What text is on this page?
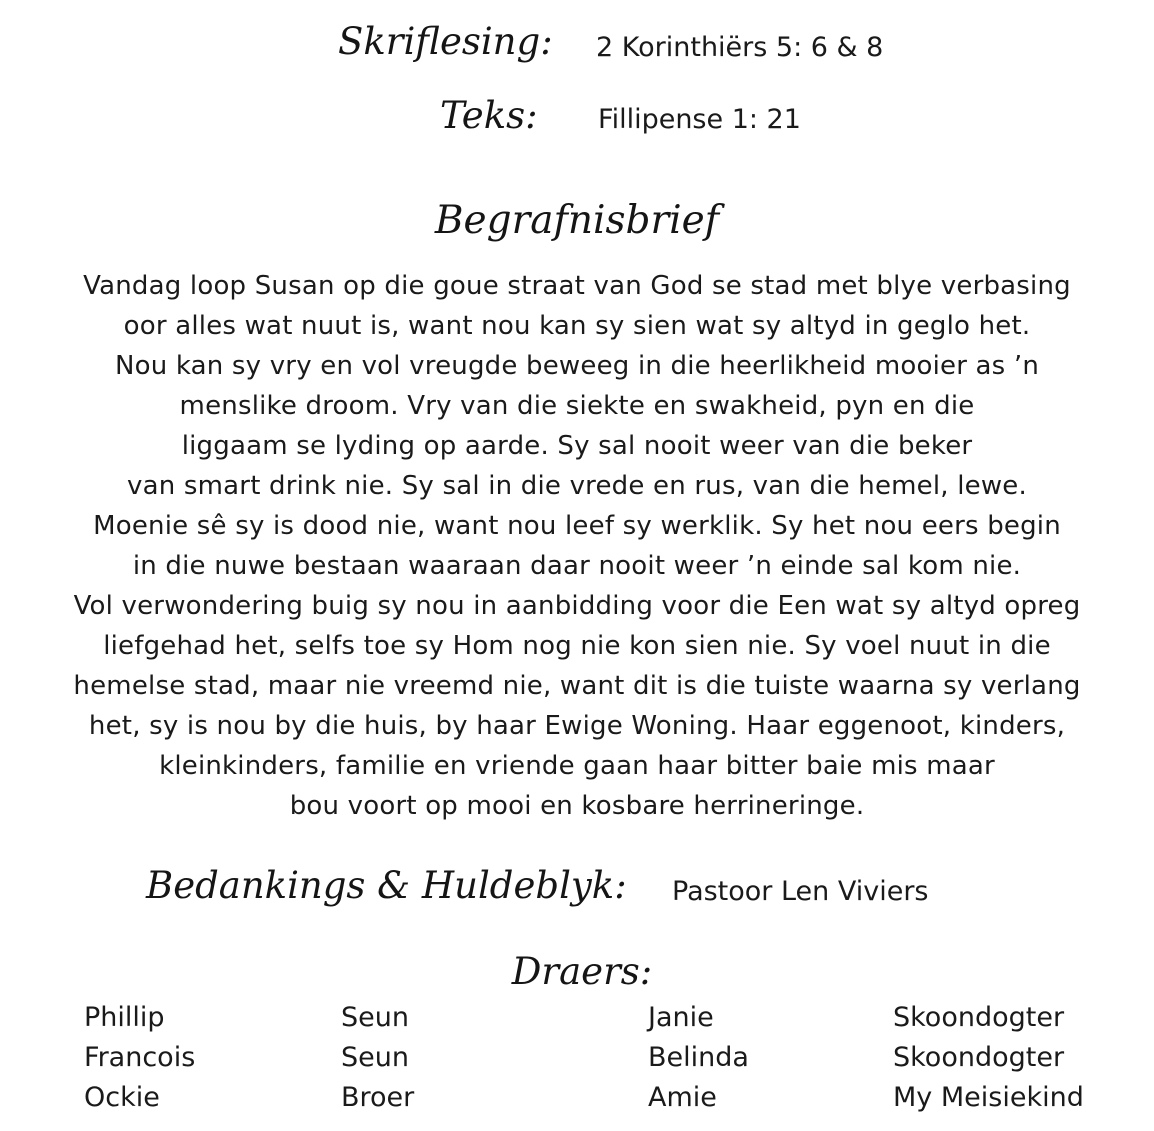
Skriflesing: 2 Korinthiërs 5: 6 & 8
Teks: Fillipense 1: 21
Begrafnisbrief
Vandag loop Susan op die goue straat van God se stad met blye verbasing
oor alles wat nuut is, want nou kan sy sien wat sy altyd in geglo het.
Nou kan sy vry en vol vreugde beweeg in die heerlikheid mooier as ’n
menslike droom. Vry van die siekte en swakheid, pyn en die
liggaam se lyding op aarde. Sy sal nooit weer van die beker
van smart drink nie. Sy sal in die vrede en rus, van die hemel, lewe.
Moenie sê sy is dood nie, want nou leef sy werklik. Sy het nou eers begin
in die nuwe bestaan waaraan daar nooit weer ’n einde sal kom nie.
Vol verwondering buig sy nou in aanbidding voor die Een wat sy altyd opreg
liefgehad het, selfs toe sy Hom nog nie kon sien nie. Sy voel nuut in die
hemelse stad, maar nie vreemd nie, want dit is die tuiste waarna sy verlang
het, sy is nou by die huis, by haar Ewige Woning. Haar eggenoot, kinders,
kleinkinders, familie en vriende gaan haar bitter baie mis maar
bou voort op mooi en kosbare herrineringe.
Bedankings & Huldeblyk: Pastoor Len Viviers
Draers:
Phillip	Seun	Janie	Skoondogter
Francois	Seun	Belinda	Skoondogter
Ockie	Broer	Amie	My Meisiekind
